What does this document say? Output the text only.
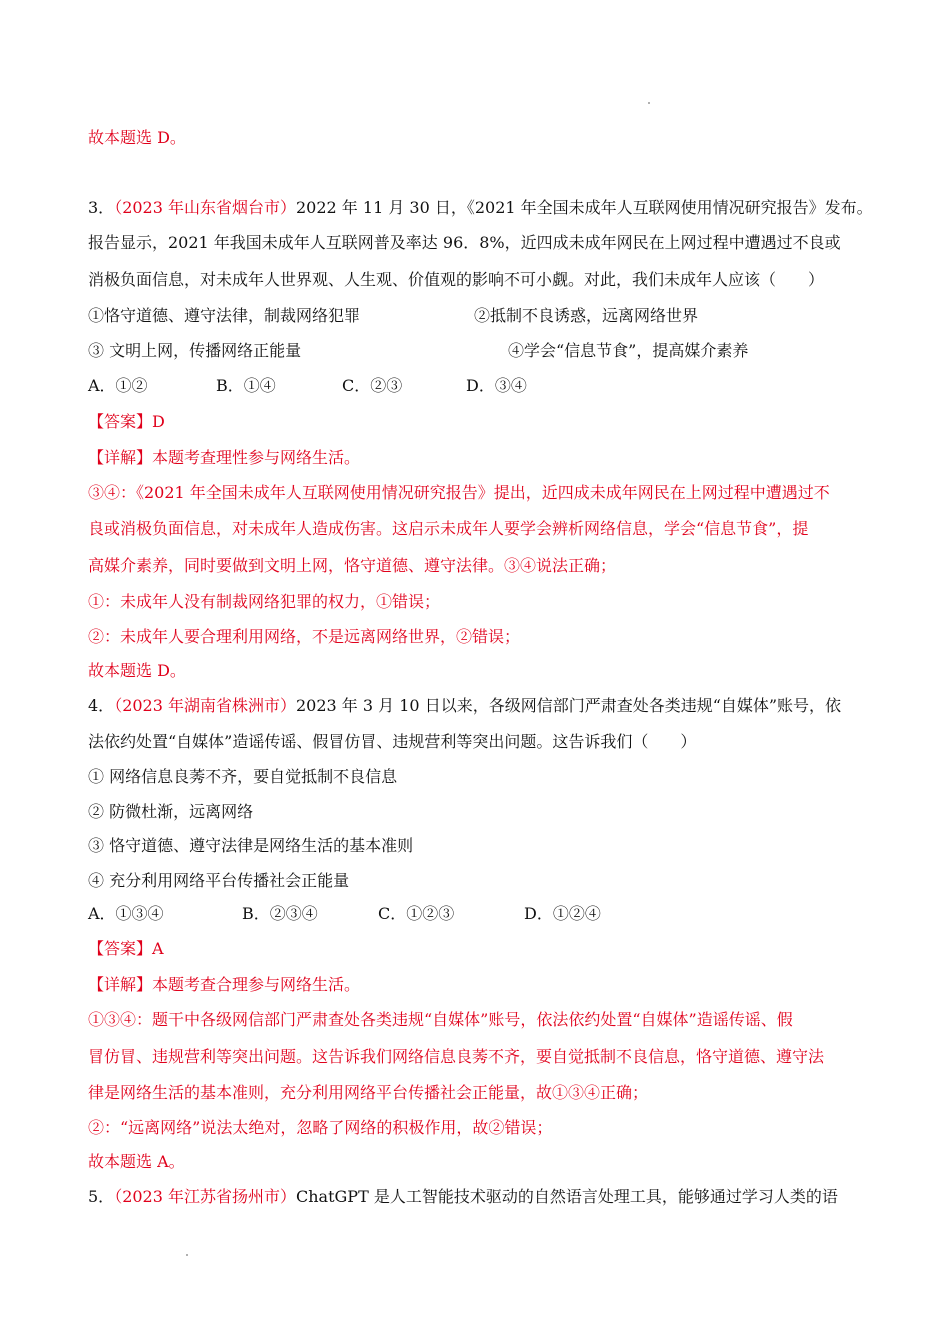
故本题选 D。
3．（2023 年山东省烟台市）2022 年 11 月 30 日，《2021 年全国未成年人互联网使用情况研究报告》发布。
报告显示，2021 年我国未成年人互联网普及率达 96．8%，近四成未成年网民在上网过程中遭遇过不良或
消极负面信息，对未成年人世界观、人生观、价值观的影响不可小觑。对此，我们未成年人应该（　　）
①恪守道德、遵守法律，制裁网络犯罪	②抵制不良诱惑，远离网络世界
③ 文明上网，传播网络正能量	④学会“信息节食”，提高媒介素养
A．①②	B．①④	C．②③	D．③④
【答案】D
【详解】本题考查理性参与网络生活。
③④：《2021 年全国未成年人互联网使用情况研究报告》提出，近四成未成年网民在上网过程中遭遇过不
良或消极负面信息，对未成年人造成伤害。这启示未成年人要学会辨析网络信息，学会“信息节食”，提
高媒介素养，同时要做到文明上网，恪守道德、遵守法律。③④说法正确；
①：未成年人没有制裁网络犯罪的权力，①错误；
②：未成年人要合理利用网络，不是远离网络世界，②错误；
故本题选 D。
4．（2023 年湖南省株洲市）2023 年 3 月 10 日以来，各级网信部门严肃查处各类违规“自媒体”账号，依
法依约处置“自媒体”造谣传谣、假冒仿冒、违规营利等突出问题。这告诉我们（　　）
① 网络信息良莠不齐，要自觉抵制不良信息
② 防微杜渐，远离网络
③ 恪守道德、遵守法律是网络生活的基本准则
④ 充分利用网络平台传播社会正能量
A．①③④	B．②③④	C．①②③	D．①②④
【答案】A
【详解】本题考查合理参与网络生活。
①③④：题干中各级网信部门严肃查处各类违规“自媒体”账号，依法依约处置“自媒体”造谣传谣、假
冒仿冒、违规营利等突出问题。这告诉我们网络信息良莠不齐，要自觉抵制不良信息，恪守道德、遵守法
律是网络生活的基本准则，充分利用网络平台传播社会正能量，故①③④正确；
②：“远离网络”说法太绝对，忽略了网络的积极作用，故②错误；
故本题选 A。
5．（2023 年江苏省扬州市）ChatGPT 是人工智能技术驱动的自然语言处理工具，能够通过学习人类的语
